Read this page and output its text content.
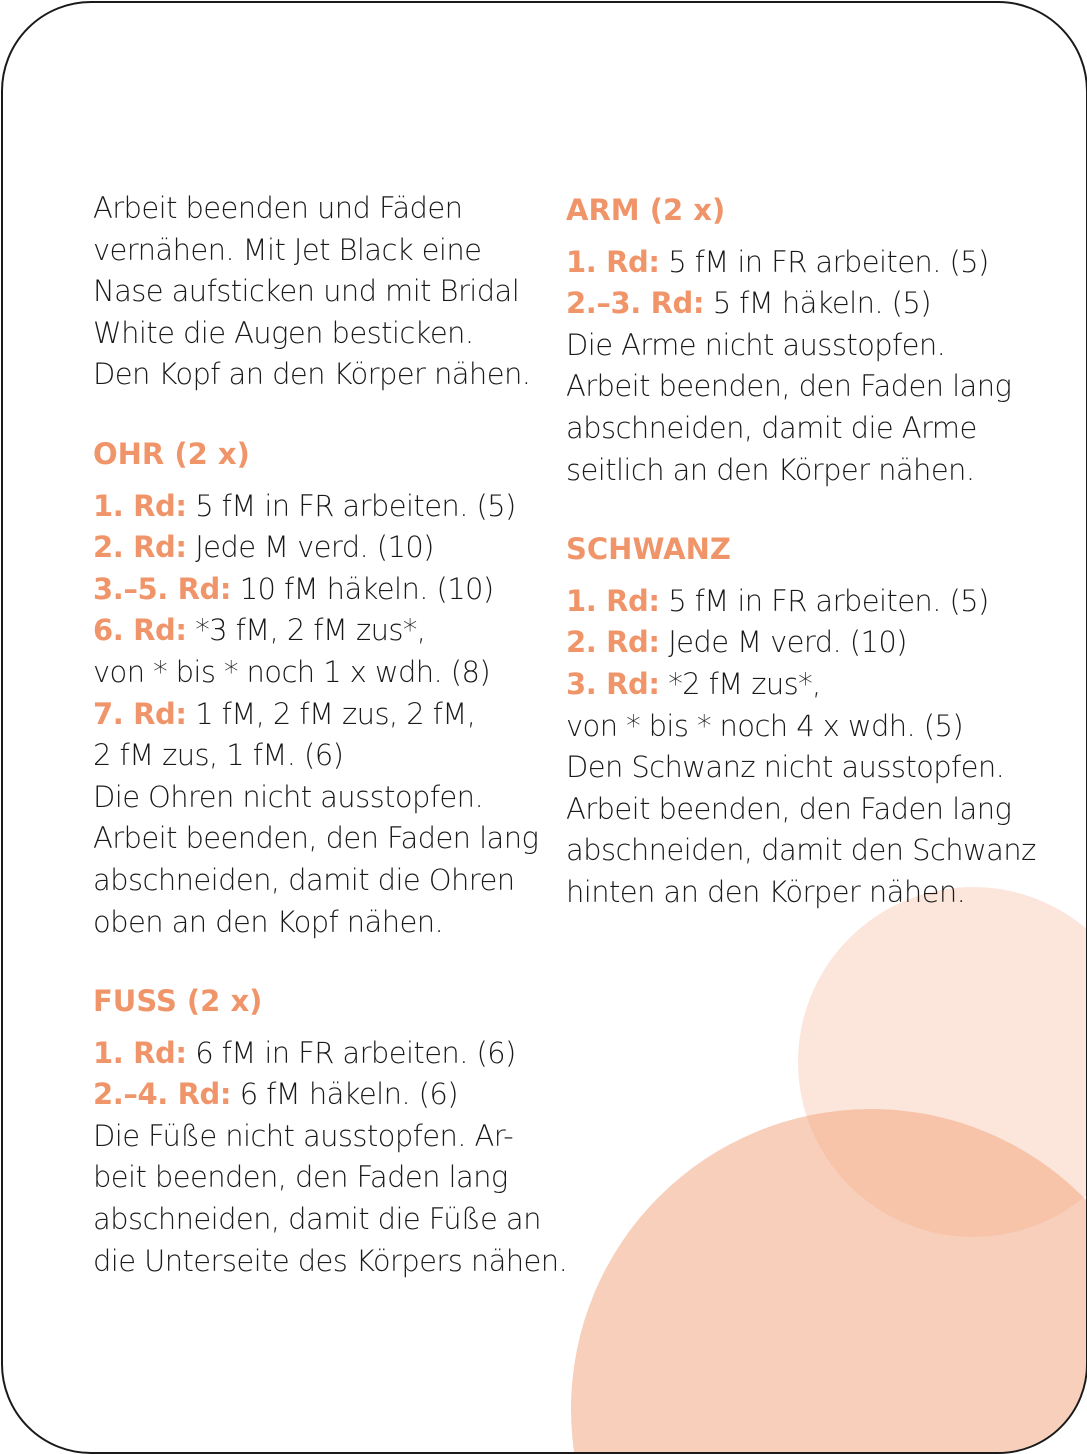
Arbeit beenden und Fäden
vernähen. Mit Jet Black eine
Nase aufsticken und mit Bridal
White die Augen besticken.
Den Kopf an den Körper nähen.
OHR (2 x)
1. Rd: 5 fM in FR arbeiten. (5)
2. Rd: Jede M verd. (10)
3.–5. Rd: 10 fM häkeln. (10)
6. Rd: *3 fM, 2 fM zus*,
von * bis * noch 1 x wdh. (8)
7. Rd: 1 fM, 2 fM zus, 2 fM,
2 fM zus, 1 fM. (6)
Die Ohren nicht ausstopfen.
Arbeit beenden, den Faden lang
abschneiden, damit die Ohren
oben an den Kopf nähen.
FUSS (2 x)
1. Rd: 6 fM in FR arbeiten. (6)
2.–4. Rd: 6 fM häkeln. (6)
Die Füße nicht ausstopfen. Ar-
beit beenden, den Faden lang
abschneiden, damit die Füße an
die Unterseite des Körpers nähen.
ARM (2 x)
1. Rd: 5 fM in FR arbeiten. (5)
2.–3. Rd: 5 fM häkeln. (5)
Die Arme nicht ausstopfen.
Arbeit beenden, den Faden lang
abschneiden, damit die Arme
seitlich an den Körper nähen.
SCHWANZ
1. Rd: 5 fM in FR arbeiten. (5)
2. Rd: Jede M verd. (10)
3. Rd: *2 fM zus*,
von * bis * noch 4 x wdh. (5)
Den Schwanz nicht ausstopfen.
Arbeit beenden, den Faden lang
abschneiden, damit den Schwanz
hinten an den Körper nähen.
